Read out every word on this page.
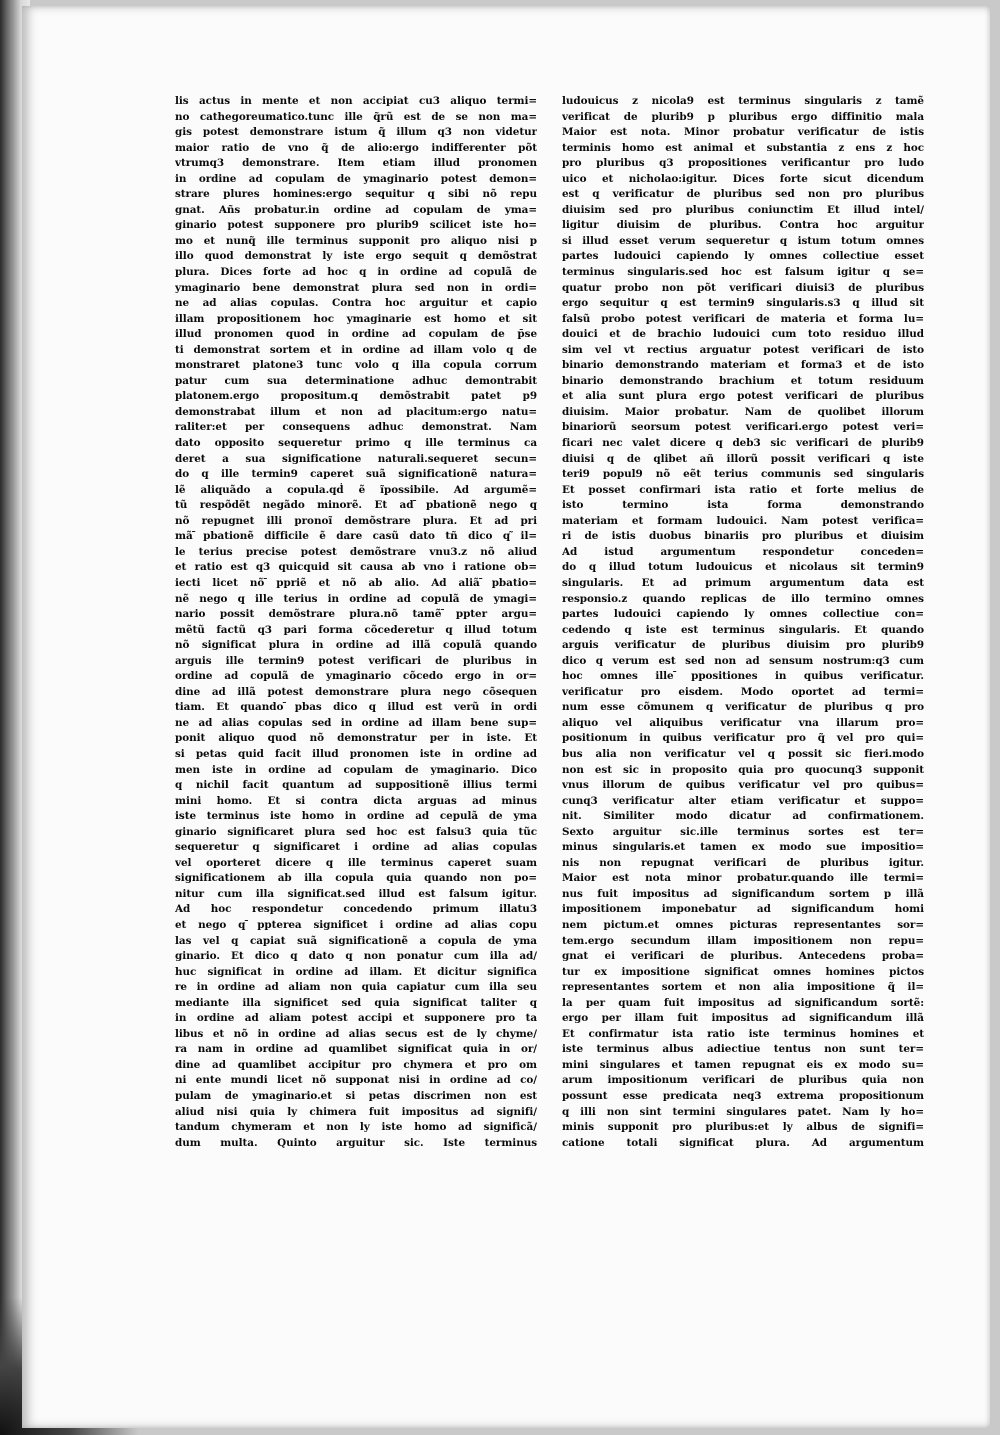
lis actus in mente et non accipiat cu3 aliquo termi=
no cathegoreumatico.tunc ille q̃rũ est de se non ma=
gis potest demonstrare istum q̃ illum q3 non videtur
maior ratio de vno q̃ de alio:ergo indifferenter põt
vtrumq3 demonstrare. Item etiam illud pronomen
in ordine ad copulam de ymaginario potest demon=
strare plures homines:ergo sequitur q sibi nõ repu
gnat. Añs probatur.in ordine ad copulam de yma=
ginario potest supponere pro plurib9 scilicet iste ho=
mo et nunq̃ ille terminus supponit pro aliquo nisi p
illo quod demonstrat ly iste ergo sequit q demõstrat
plura. Dices forte ad hoc q in ordine ad copulã de
ymaginario bene demonstrat plura sed non in ordi=
ne ad alias copulas. Contra hoc arguitur et capio
illam propositionem hoc ymaginarie est homo et sit
illud pronomen quod in ordine ad copulam de p̄se
ti demonstrat sortem et in ordine ad illam volo q de
monstraret platone3 tunc volo q illa copula corrum
patur cum sua determinatione adhuc demontrabit
platonem.ergo propositum.q demõstrabit patet p9
demonstrabat illum et non ad placitum:ergo natu=
raliter:et per consequens adhuc demonstrat. Nam
dato opposito sequeretur primo q ille terminus ca
deret a sua significatione naturali.sequeret secun=
do q ille termin9 caperet suã significationẽ natura=
lẽ aliquãdo a copula.qḋ ẽ ĩpossibile. Ad argumẽ=
tũ respõdẽt negãdo minorẽ. Et ad ̄pbationẽ nego q
nõ repugnet illi pronoĩ demõstrare plura. Et ad pri
mã ̄pbationẽ difficile ẽ dare casũ dato tñ dico q ̃il=
le terius precise potest demõstrare vnu3.z nõ aliud
et ratio est q3 quicquid sit causa ab vno i ratione ob=
iecti licet nõ ̄ppriẽ et nõ ab alio. Ad aliã ̄pbatio=
nẽ nego q ille terius in ordine ad copulã de ymagi=
nario possit demõstrare plura.nõ tamẽ ̄ppter argu=
mẽtũ factũ q3 pari forma cõcederetur q illud totum
nõ significat plura in ordine ad illã copulã quando
arguis ille termin9 potest verificari de pluribus in
ordine ad copulã de ymaginario cõcedo ergo in or=
dine ad illã potest demonstrare plura nego cõsequen
tiam. Et quando ̄pbas dico q illud est verũ in ordi
ne ad alias copulas sed in ordine ad illam bene sup=
ponit aliquo quod nõ demonstratur per in iste. Et
si petas quid facit illud pronomen iste in ordine ad
men iste in ordine ad copulam de ymaginario. Dico
q nichil facit quantum ad suppositionẽ illius termi
mini homo. Et si contra dicta arguas ad minus
iste terminus iste homo in ordine ad cepulã de yma
ginario significaret plura sed hoc est falsu3 quia tũc
sequeretur q significaret i ordine ad alias copulas
vel oporteret dicere q ille terminus caperet suam
significationem ab illa copula quia quando non po=
nitur cum illa significat.sed illud est falsum igitur.
Ad hoc respondetur concedendo primum illatu3
et nego q ̄ppterea significet i ordine ad alias copu
las vel q capiat suã significationẽ a copula de yma
ginario. Et dico q dato q non ponatur cum illa ad/
huc significat in ordine ad illam. Et dicitur significa
re in ordine ad aliam non quia capiatur cum illa seu
mediante illa significet sed quia significat taliter q
in ordine ad aliam potest accipi et supponere pro ta
libus et nõ in ordine ad alias secus est de ly chyme/
ra nam in ordine ad quamlibet significat quia in or/
dine ad quamlibet accipitur pro chymera et pro om
ni ente mundi licet nõ supponat nisi in ordine ad co/
pulam de ymaginario.et si petas discrimen non est
aliud nisi quia ly chimera fuit impositus ad signifi/
tandum chymeram et non ly iste homo ad significã/
dum multa. Quinto arguitur sic. Iste terminus
ludouicus z nicola9 est terminus singularis z tamẽ
verificat de plurib9 p pluribus ergo diffinitio mala
Maior est nota. Minor probatur verificatur de istis
terminis homo est animal et substantia z ens z hoc
pro pluribus q3 propositiones verificantur pro ludo
uico et nicholao:igitur. Dices forte sicut dicendum
est q verificatur de pluribus sed non pro pluribus
diuisim sed pro pluribus coniunctim Et illud intel/
ligitur diuisim de pluribus. Contra hoc arguitur
si illud esset verum sequeretur q istum totum omnes
partes ludouici capiendo ly omnes collectiue esset
terminus singularis.sed hoc est falsum igitur q se=
quatur probo non põt verificari diuisi3 de pluribus
ergo sequitur q est termin9 singularis.s3 q illud sit
falsũ probo potest verificari de materia et forma lu=
douici et de brachio ludouici cum toto residuo illud
sim vel vt rectius arguatur potest verificari de isto
binario demonstrando materiam et forma3 et de isto
binario demonstrando brachium et totum residuum
et alia sunt plura ergo potest verificari de pluribus
diuisim. Maior probatur. Nam de quolibet illorum
binariorũ seorsum potest verificari.ergo potest veri=
ficari nec valet dicere q deb3 sic verificari de plurib9
diuisi q de qlibet añ illorũ possit verificari q iste
teri9 popul9 nõ eẽt terius communis sed singularis
Et posset confirmari ista ratio et forte melius de
isto termino ista forma demonstrando
materiam et formam ludouici. Nam potest verifica=
ri de istis duobus binariis pro pluribus et diuisim
Ad istud argumentum respondetur conceden=
do q illud totum ludouicus et nicolaus sit termin9
singularis. Et ad primum argumentum data est
responsio.z quando replicas de illo termino omnes
partes ludouici capiendo ly omnes collectiue con=
cedendo q iste est terminus singularis. Et quando
arguis verificatur de pluribus diuisim pro plurib9
dico q verum est sed non ad sensum nostrum:q3 cum
hoc omnes ille ̄ppositiones in quibus verificatur.
verificatur pro eisdem. Modo oportet ad termi=
num esse cõmunem q verificatur de pluribus q pro
aliquo vel aliquibus verificatur vna illarum pro=
positionum in quibus verificatur pro q̃ vel pro qui=
bus alia non verificatur vel q possit sic fieri.modo
non est sic in proposito quia pro quocunq3 supponit
vnus illorum de quibus verificatur vel pro quibus=
cunq3 verificatur alter etiam verificatur et suppo=
nit. Similiter modo dicatur ad confirmationem.
Sexto arguitur sic.ille terminus sortes est ter=
minus singularis.et tamen ex modo sue impositio=
nis non repugnat verificari de pluribus igitur.
Maior est nota minor probatur.quando ille termi=
nus fuit impositus ad significandum sortem p illã
impositionem imponebatur ad significandum homi
nem pictum.et omnes picturas representantes sor=
tem.ergo secundum illam impositionem non repu=
gnat ei verificari de pluribus. Antecedens proba=
tur ex impositione significat omnes homines pictos
representantes sortem et non alia impositione q̃ il=
la per quam fuit impositus ad significandum sortẽ:
ergo per illam fuit impositus ad significandum illã
Et confirmatur ista ratio iste terminus homines et
iste terminus albus adiectiue tentus non sunt ter=
mini singulares et tamen repugnat eis ex modo su=
arum impositionum verificari de pluribus quia non
possunt esse predicata neq3 extrema propositionum
q illi non sint termini singulares patet. Nam ly ho=
minis supponit pro pluribus:et ly albus de signifi=
catione totali significat plura. Ad argumentum
